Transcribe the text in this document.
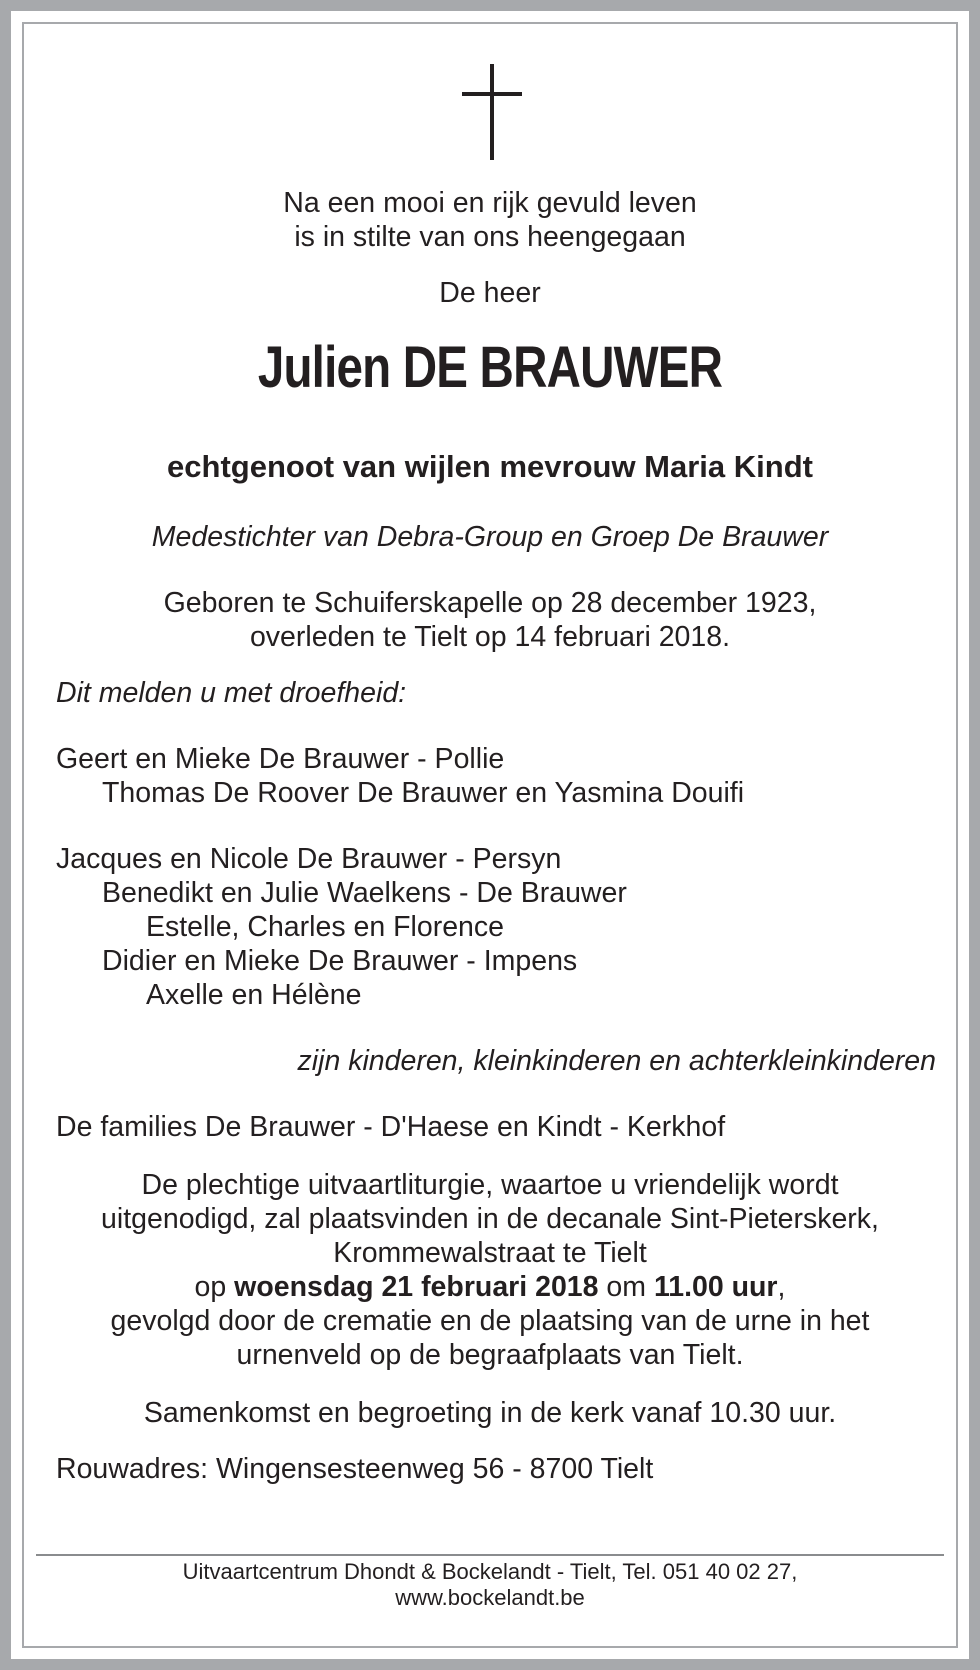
Na een mooi en rijk gevuld leven
is in stilte van ons heengegaan
De heer
Julien DE BRAUWER
echtgenoot van wijlen mevrouw Maria Kindt
Medestichter van Debra-Group en Groep De Brauwer
Geboren te Schuiferskapelle op 28 december 1923,
overleden te Tielt op 14 februari 2018.
Dit melden u met droefheid:
Geert en Mieke De Brauwer - Pollie
Thomas De Roover De Brauwer en Yasmina Douifi
Jacques en Nicole De Brauwer - Persyn
Benedikt en Julie Waelkens - De Brauwer
Estelle, Charles en Florence
Didier en Mieke De Brauwer - Impens
Axelle en Hélène
zijn kinderen, kleinkinderen en achterkleinkinderen
De families De Brauwer - D'Haese en Kindt - Kerkhof
De plechtige uitvaartliturgie, waartoe u vriendelijk wordt
uitgenodigd, zal plaatsvinden in de decanale Sint-Pieterskerk,
Krommewalstraat te Tielt
op woensdag 21 februari 2018 om 11.00 uur,
gevolgd door de crematie en de plaatsing van de urne in het
urnenveld op de begraafplaats van Tielt.
Samenkomst en begroeting in de kerk vanaf 10.30 uur.
Rouwadres: Wingensesteenweg 56 - 8700 Tielt
Uitvaartcentrum Dhondt & Bockelandt - Tielt, Tel. 051 40 02 27,
www.bockelandt.be
